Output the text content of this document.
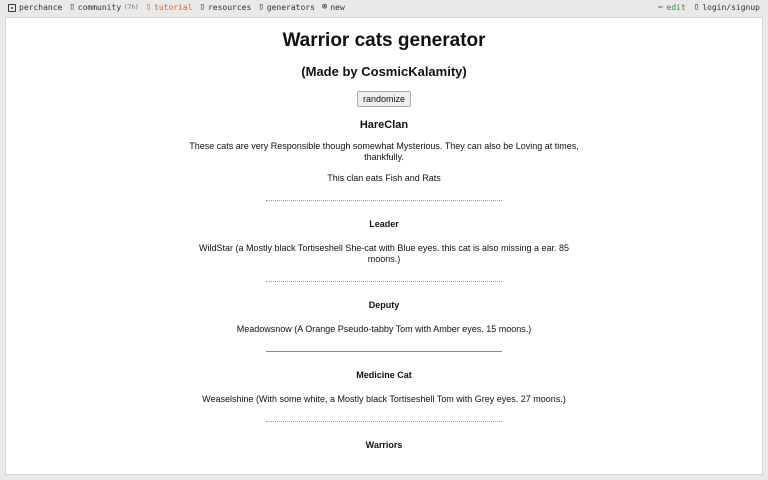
perchance ▯ community (7h) ▯ tutorial ▯ resources ▯ generators ⊕ new	✏ edit ▯ login/signup
Warrior cats generator
(Made by CosmicKalamity)
randomize
HareClan
These cats are very Responsible though somewhat Mysterious. They can also be Loving at times, thankfully.
This clan eats Fish and Rats
Leader
WildStar (a Mostly black Tortiseshell She-cat with Blue eyes. this cat is also missing a ear. 85 moons.)
Deputy
Meadowsnow (A Orange Pseudo-tabby Tom with Amber eyes. 15 moons.)
Medicine Cat
Weaselshine (With some white, a Mostly black Tortiseshell Tom with Grey eyes. 27 moons.)
Warriors
